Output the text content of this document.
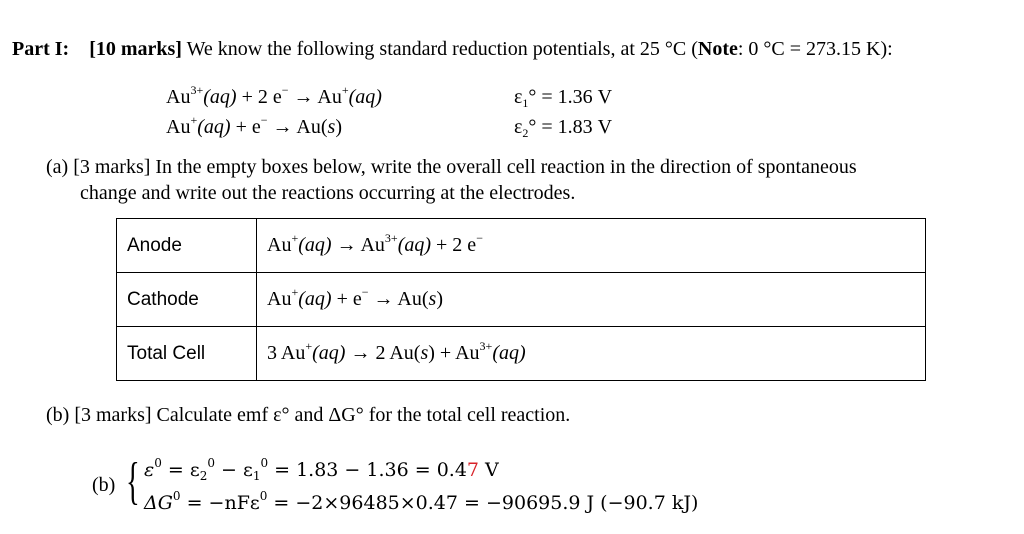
Part I: [10 marks] We know the following standard reduction potentials, at 25 °C (Note: 0 °C = 273.15 K):
$Au^{3+}(aq) + 2$ e− → Au+(aq)	$\varepsilon_1^\circ = 1.36$ V
Au+(aq) + e− → Au(s)	$\varepsilon_2^\circ = 1.83$ V
(a) [3 marks] In the empty boxes below, write the overall cell reaction in the direction of spontaneous
change and write out the reactions occurring at the electrodes.
Anode	$Au^+(aq) \to Au^{3+}(aq) + 2$ e−
Cathode	Au+(aq) + e− → Au(s)
Total Cell	3 Au+(aq) → 2 $Au(s) + Au^{3+}(aq)$
(b) [3 marks] Calculate emf ε° and ΔG° for the total cell reaction.
(b) { $\varepsilon^0 = \varepsilon_2^0 - \varepsilon_1^0 = 1.83 - 1.36 = 0.47$ V
$\Delta G^0 = -nF\varepsilon^0 = -2\times 96485\times 0.47 = -90695.9$ J (−90.7 kJ)
